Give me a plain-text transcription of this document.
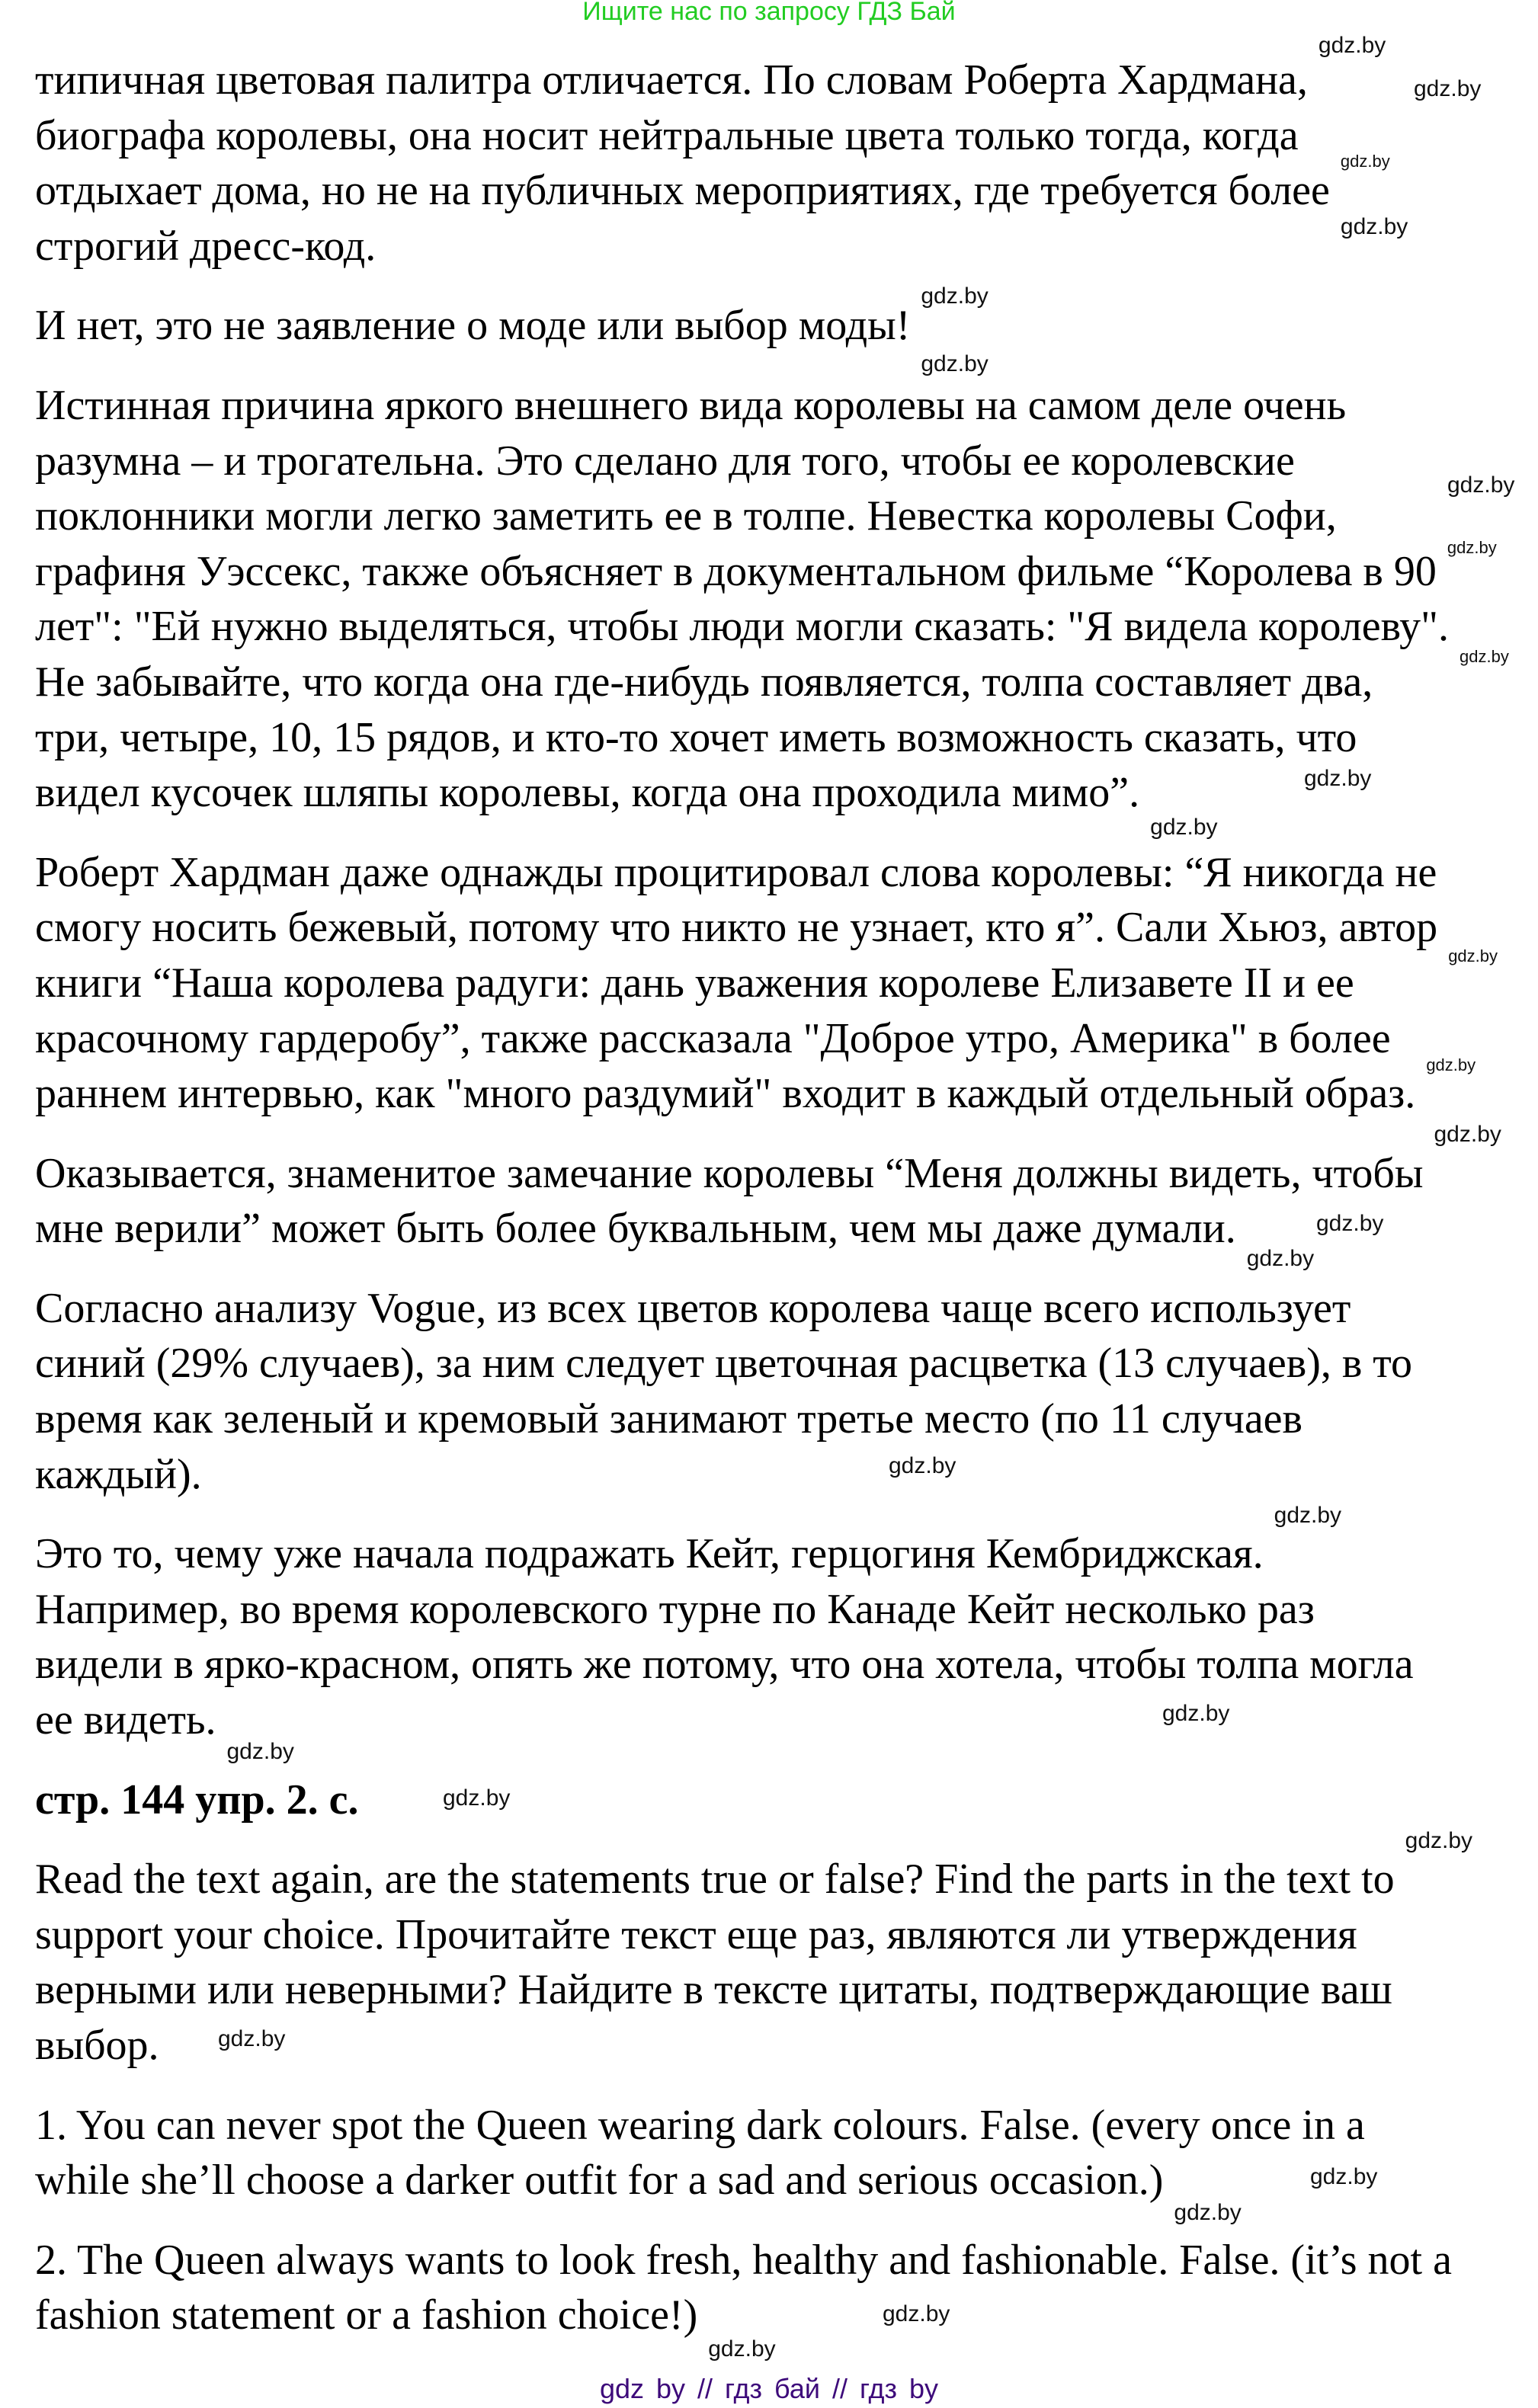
Ищите нас по запросу ГДЗ Бай
типичная цветовая палитра отличается. По словам Роберта Хардмана,
биографа королевы, она носит нейтральные цвета только тогда, когда
отдыхает дома, но не на публичных мероприятиях, где требуется более
строгий дресс-код.
И нет, это не заявление о моде или выбор моды!
Истинная причина яркого внешнего вида королевы на самом деле очень
разумна – и трогательна. Это сделано для того, чтобы ее королевские
поклонники могли легко заметить ее в толпе. Невестка королевы Софи,
графиня Уэссекс, также объясняет в документальном фильме “Королева в 90
лет": "Ей нужно выделяться, чтобы люди могли сказать: "Я видела королеву".
Не забывайте, что когда она где-нибудь появляется, толпа составляет два,
три, четыре, 10, 15 рядов, и кто-то хочет иметь возможность сказать, что
видел кусочек шляпы королевы, когда она проходила мимо”.
Роберт Хардман даже однажды процитировал слова королевы: “Я никогда не
смогу носить бежевый, потому что никто не узнает, кто я”. Сали Хьюз, автор
книги “Наша королева радуги: дань уважения королеве Елизавете II и ее
красочному гардеробу”, также рассказала "Доброе утро, Америка" в более
раннем интервью, как "много раздумий" входит в каждый отдельный образ.
Оказывается, знаменитое замечание королевы “Меня должны видеть, чтобы
мне верили” может быть более буквальным, чем мы даже думали.
Согласно анализу Vogue, из всех цветов королева чаще всего использует
синий (29% случаев), за ним следует цветочная расцветка (13 случаев), в то
время как зеленый и кремовый занимают третье место (по 11 случаев
каждый).
Это то, чему уже начала подражать Кейт, герцогиня Кембриджская.
Например, во время королевского турне по Канаде Кейт несколько раз
видели в ярко-красном, опять же потому, что она хотела, чтобы толпа могла
ее видеть.
стр. 144 упр. 2. c.
Read the text again, are the statements true or false? Find the parts in the text to
support your choice. Прочитайте текст еще раз, являются ли утверждения
верными или неверными? Найдите в тексте цитаты, подтверждающие ваш
выбор.
1. You can never spot the Queen wearing dark colours. False. (every once in a
while she’ll choose a darker outfit for a sad and serious occasion.)
2. The Queen always wants to look fresh, healthy and fashionable. False. (it’s not a
fashion statement or a fashion choice!)
gdz.by
gdz.by
gdz.by
gdz.by
gdz.by
gdz.by
gdz.by
gdz.by
gdz.by
gdz.by
gdz.by
gdz.by
gdz.by
gdz.by
gdz.by
gdz.by
gdz.by
gdz.by
gdz.by
gdz.by
gdz.by
gdz.by
gdz.by
gdz.by
gdz.by
gdz.by
gdz.by
gdz by // гдз бай // гдз by
